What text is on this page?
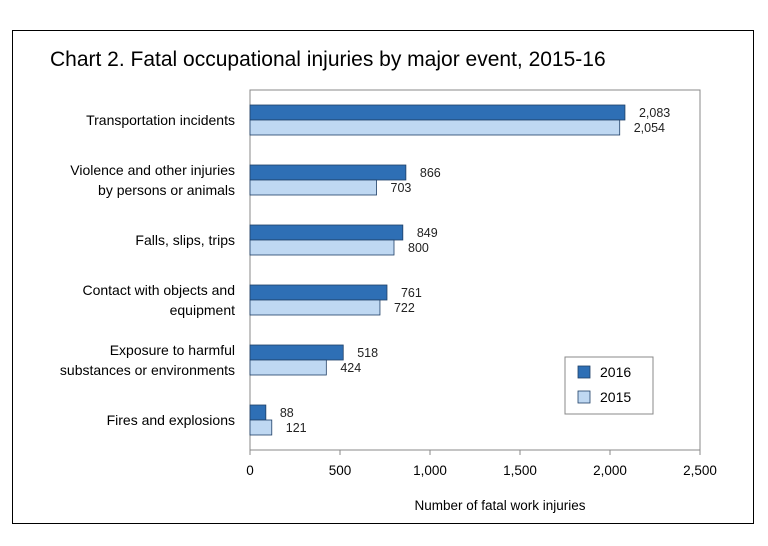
Chart 2. Fatal occupational injuries by major event, 2015-16
2,083
2,054
866
703
849
800
761
722
518
424
88
121
Transportation incidents
Violence and other injuries by persons or animals
Falls, slips, trips
Contact with objects and equipment
Exposure to harmful substances or environments
Fires and explosions
0	500	1,000	1,500	2,000	2,500
Number of fatal work injuries
2016
2015
